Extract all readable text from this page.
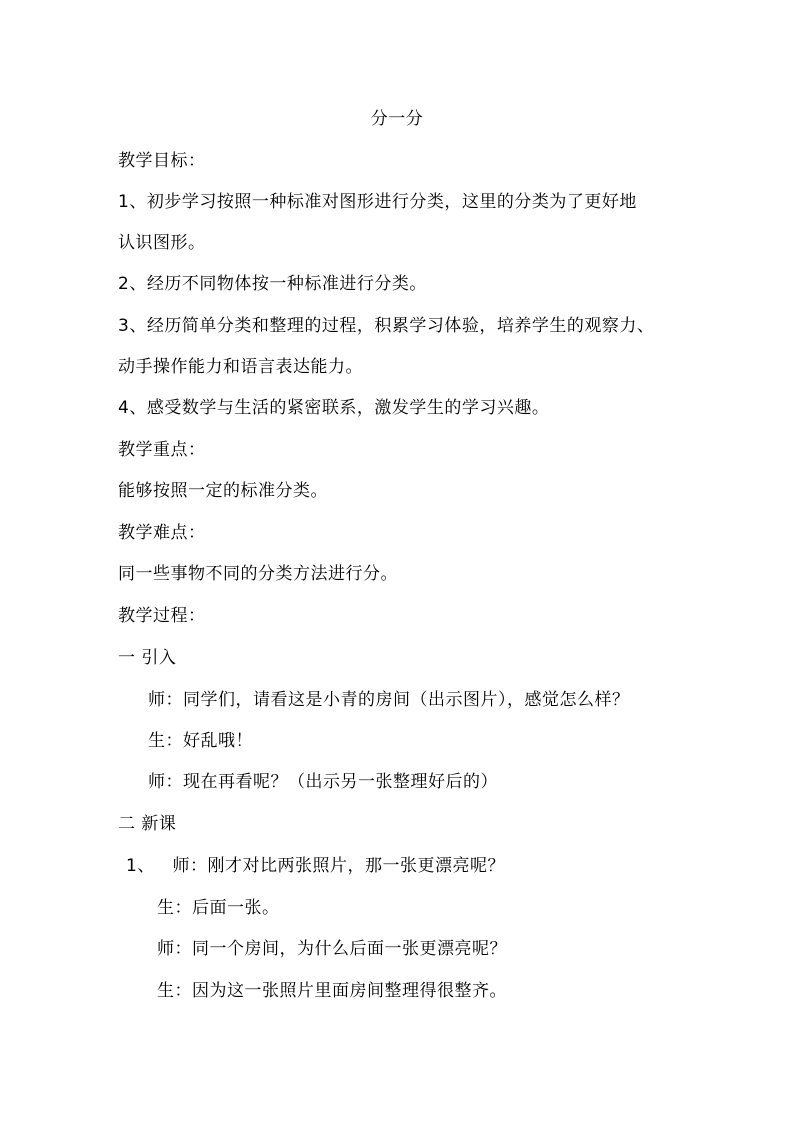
分一分
教学目标：
1、初步学习按照一种标准对图形进行分类，这里的分类为了更好地
认识图形。
2、经历不同物体按一种标准进行分类。
3、经历简单分类和整理的过程，积累学习体验，培养学生的观察力、
动手操作能力和语言表达能力。
4、感受数学与生活的紧密联系，激发学生的学习兴趣。
教学重点：
能够按照一定的标准分类。
教学难点：
同一些事物不同的分类方法进行分。
教学过程：
一 引入
师：同学们，请看这是小青的房间（出示图片），感觉怎么样？
生：好乱哦！
师：现在再看呢？（出示另一张整理好后的）
二 新课
1、   师：刚才对比两张照片，那一张更漂亮呢？
生：后面一张。
师：同一个房间，为什么后面一张更漂亮呢？
生：因为这一张照片里面房间整理得很整齐。
